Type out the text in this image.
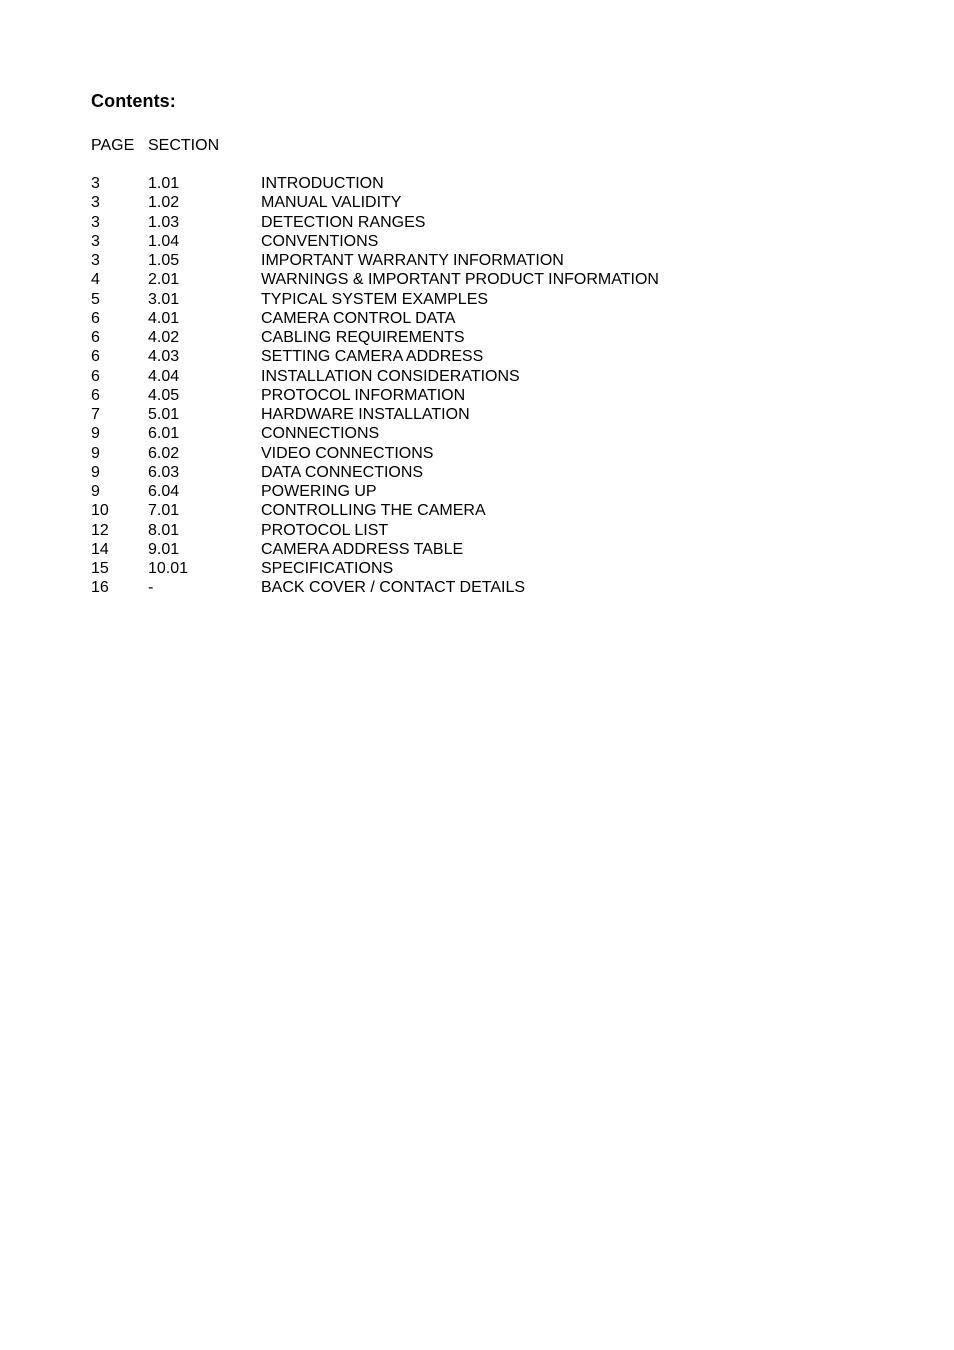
Contents:
PAGE SECTION
3	1.01	INTRODUCTION
3	1.02	MANUAL VALIDITY
3	1.03	DETECTION RANGES
3	1.04	CONVENTIONS
3	1.05	IMPORTANT WARRANTY INFORMATION
4	2.01	WARNINGS & IMPORTANT PRODUCT INFORMATION
5	3.01	TYPICAL SYSTEM EXAMPLES
6	4.01	CAMERA CONTROL DATA
6	4.02	CABLING REQUIREMENTS
6	4.03	SETTING CAMERA ADDRESS
6	4.04	INSTALLATION CONSIDERATIONS
6	4.05	PROTOCOL INFORMATION
7	5.01	HARDWARE INSTALLATION
9	6.01	CONNECTIONS
9	6.02	VIDEO CONNECTIONS
9	6.03	DATA CONNECTIONS
9	6.04	POWERING UP
10 7.01	CONTROLLING THE CAMERA
12 8.01	PROTOCOL LIST
14 9.01	CAMERA ADDRESS TABLE
15 10.01	SPECIFICATIONS
16 -	BACK COVER / CONTACT DETAILS
